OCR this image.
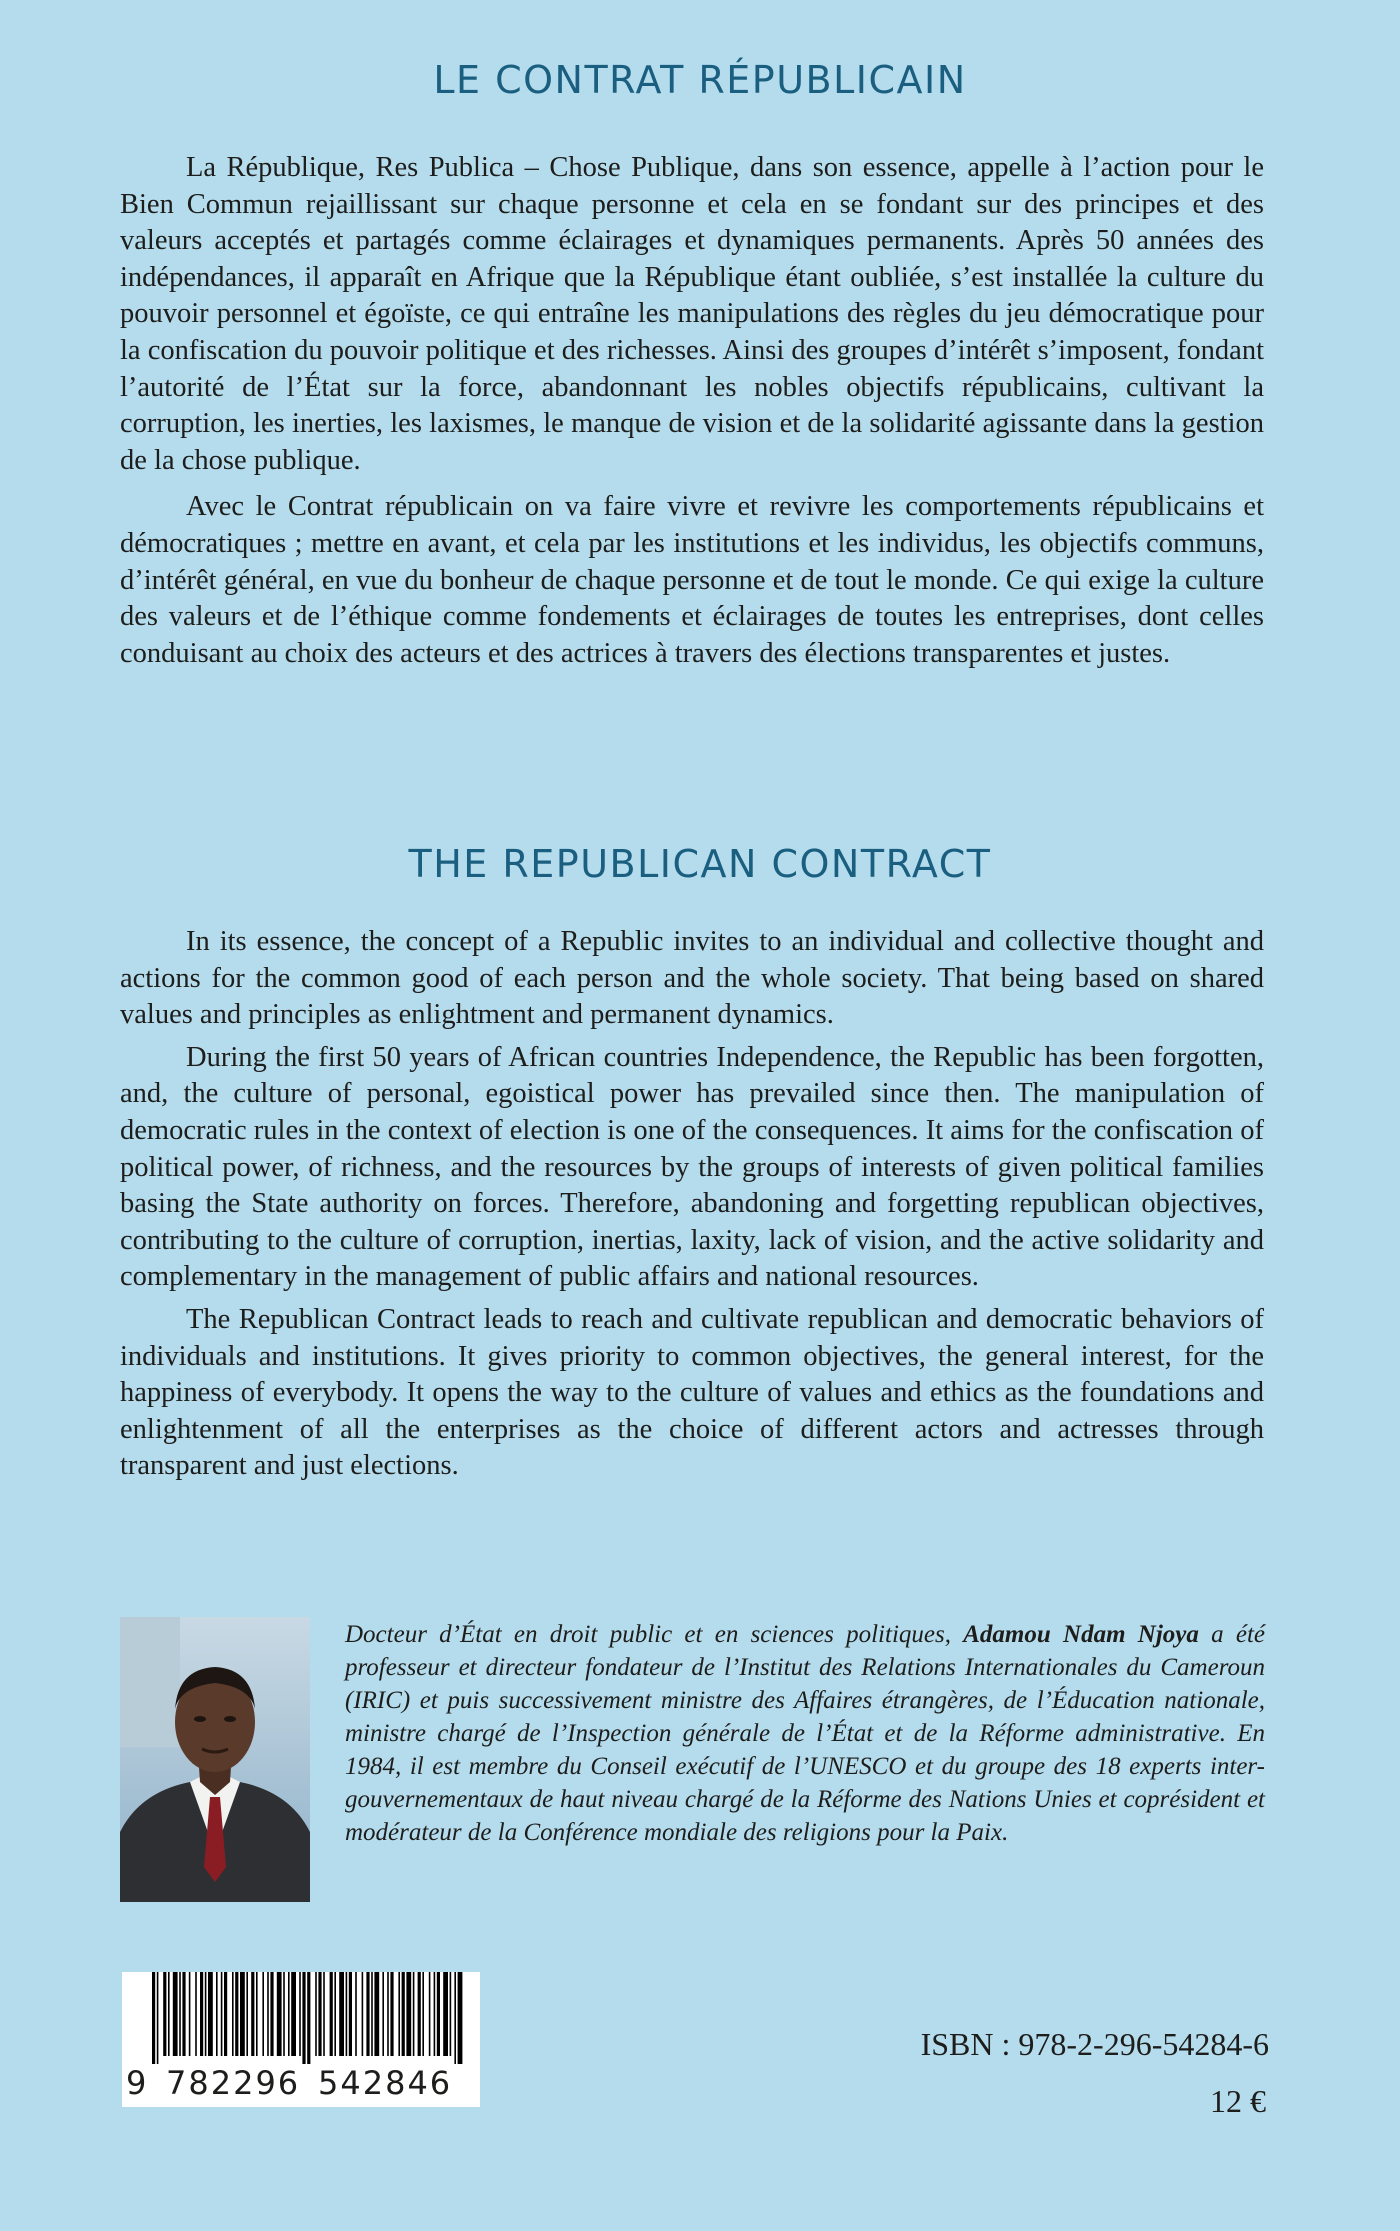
LE CONTRAT RÉPUBLICAIN

La République, Res Publica – Chose Publique, dans son essence, appelle à l’action pour le Bien Commun rejaillissant sur chaque personne et cela en se fondant sur des principes et des valeurs acceptés et partagés comme éclairages et dynamiques permanents. Après 50 années des indépendances, il apparaît en Afrique que la République étant oubliée, s’est installée la culture du pouvoir personnel et égoïste, ce qui entraîne les manipulations des règles du jeu démocratique pour la confiscation du pouvoir politique et des richesses. Ainsi des groupes d’intérêt s’imposent, fondant l’autorité de l’État sur la force, abandonnant les nobles objectifs républicains, cultivant la corruption, les inerties, les laxismes, le manque de vision et de la solidarité agissante dans la gestion de la chose publique.

Avec le Contrat républicain on va faire vivre et revivre les comportements républicains et démocratiques ; mettre en avant, et cela par les institutions et les individus, les objectifs communs, d’intérêt général, en vue du bonheur de chaque personne et de tout le monde. Ce qui exige la culture des valeurs et de l’éthique comme fondements et éclairages de toutes les entreprises, dont celles conduisant au choix des acteurs et des actrices à travers des élections transparentes et justes.

THE REPUBLICAN CONTRACT

In its essence, the concept of a Republic invites to an individual and collective thought and actions for the common good of each person and the whole society. That being based on shared values and principles as enlightment and permanent dynamics.

During the first 50 years of African countries Independence, the Republic has been forgotten, and, the culture of personal, egoistical power has prevailed since then. The manipulation of democratic rules in the context of election is one of the consequences. It aims for the confiscation of political power, of richness, and the resources by the groups of interests of given political families basing the State authority on forces. Therefore, abandoning and forgetting republican objectives, contributing to the culture of corruption, inertias, laxity, lack of vision, and the active solidarity and complementary in the management of public affairs and national resources.

The Republican Contract leads to reach and cultivate republican and democratic behaviors of individuals and institutions. It gives priority to common objectives, the general interest, for the happiness of everybody. It opens the way to the culture of values and ethics as the foundations and enlightenment of all the enterprises as the choice of different actors and actresses through transparent and just elections.

Docteur d’État en droit public et en sciences politiques, Adamou Ndam Njoya a été professeur et directeur fondateur de l’Institut des Relations Internationales du Cameroun (IRIC) et puis successivement ministre des Affaires étrangères, de l’Éducation nationale, ministre chargé de l’Inspection générale de l’État et de la Réforme administrative. En 1984, il est membre du Conseil exécutif de l’UNESCO et du groupe des 18 experts inter-gouvernementaux de haut niveau chargé de la Réforme des Nations Unies et coprésident et modérateur de la Conférence mondiale des religions pour la Paix.

9 782296 542846

ISBN : 978-2-296-54284-6

12 €
